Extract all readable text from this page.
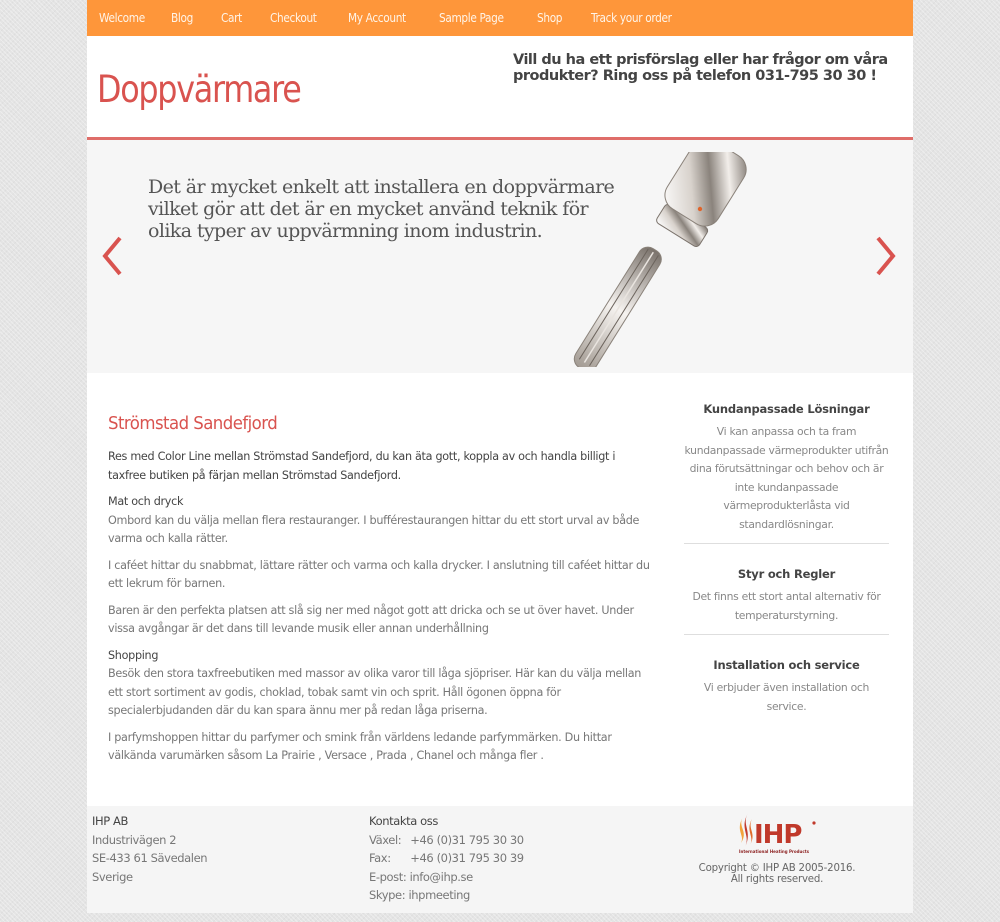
Welcome Blog Cart Checkout	My Account	Sample Page	Shop Track your order
Doppvärmare
Vill du ha ett prisförslag eller har frågor om våra produkter? Ring oss på telefon 031-795 30 30 !
Det är mycket enkelt att installera en doppvärmare vilket gör att det är en mycket använd teknik för olika typer av uppvärmning inom industrin.
Strömstad Sandefjord

Res med Color Line mellan Strömstad Sandefjord, du kan äta gott, koppla av och handla billigt i taxfree butiken på färjan mellan Strömstad Sandefjord.

Mat och dryck

Ombord kan du välja mellan flera restauranger. I bufférestaurangen hittar du ett stort urval av både varma och kalla rätter.

I caféet hittar du snabbmat, lättare rätter och varma och kalla drycker. I anslutning till caféet hittar du ett lekrum för barnen.

Baren är den perfekta platsen att slå sig ner med något gott att dricka och se ut över havet. Under vissa avgångar är det dans till levande musik eller annan underhållning

Shopping

Besök den stora taxfreebutiken med massor av olika varor till låga sjöpriser. Här kan du välja mellan ett stort sortiment av godis, choklad, tobak samt vin och sprit. Håll ögonen öppna för specialerbjudanden där du kan spara ännu mer på redan låga priserna.

I parfymshoppen hittar du parfymer och smink från världens ledande parfymmärken. Du hittar välkända varumärken såsom La Prairie , Versace , Prada , Chanel och många fler .

Kundanpassade Lösningar

Vi kan anpassa och ta fram kundanpassade värmeprodukter utifrån dina förutsättningar och behov och är inte kundanpassade värmeprodukterlåsta vid standardlösningar.

Styr och Regler

Det finns ett stort antal alternativ för temperaturstyrning.

Installation och service

Vi erbjuder även installation och service.

IHP AB
Industrivägen 2
SE-433 61 Sävedalen
Sverige
Kontakta oss
Växel: +46 (0)31 795 30 30
Fax: +46 (0)31 795 30 39
E-post: info@ihp.se
Skype: ihpmeeting
IHP
International Heating Products
Copyright © IHP AB 2005-2016.
All rights reserved.
